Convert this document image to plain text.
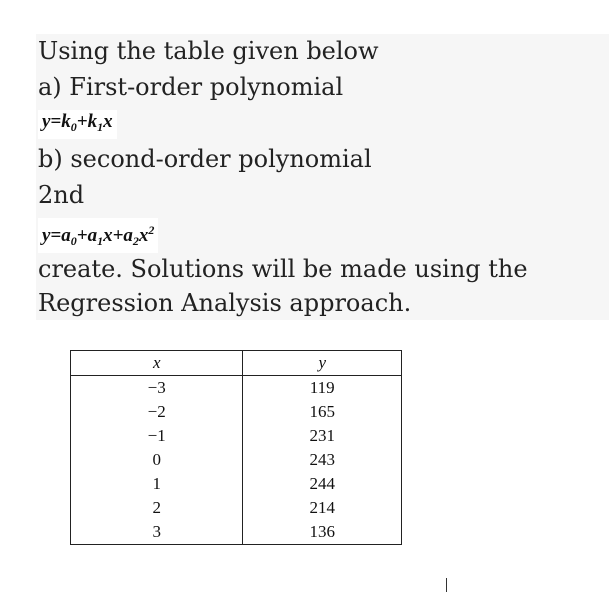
Using the table given below
a) First-order polynomial
$y=k_0+k_1x$
b) second-order polynomial
2nd
$y=a_0+a_1x+a_2x^2$
create. Solutions will be made using the
Regression Analysis approach.
x	y
−3	119
−2	165
−1	231
0	243
1	244
2	214
3	136
